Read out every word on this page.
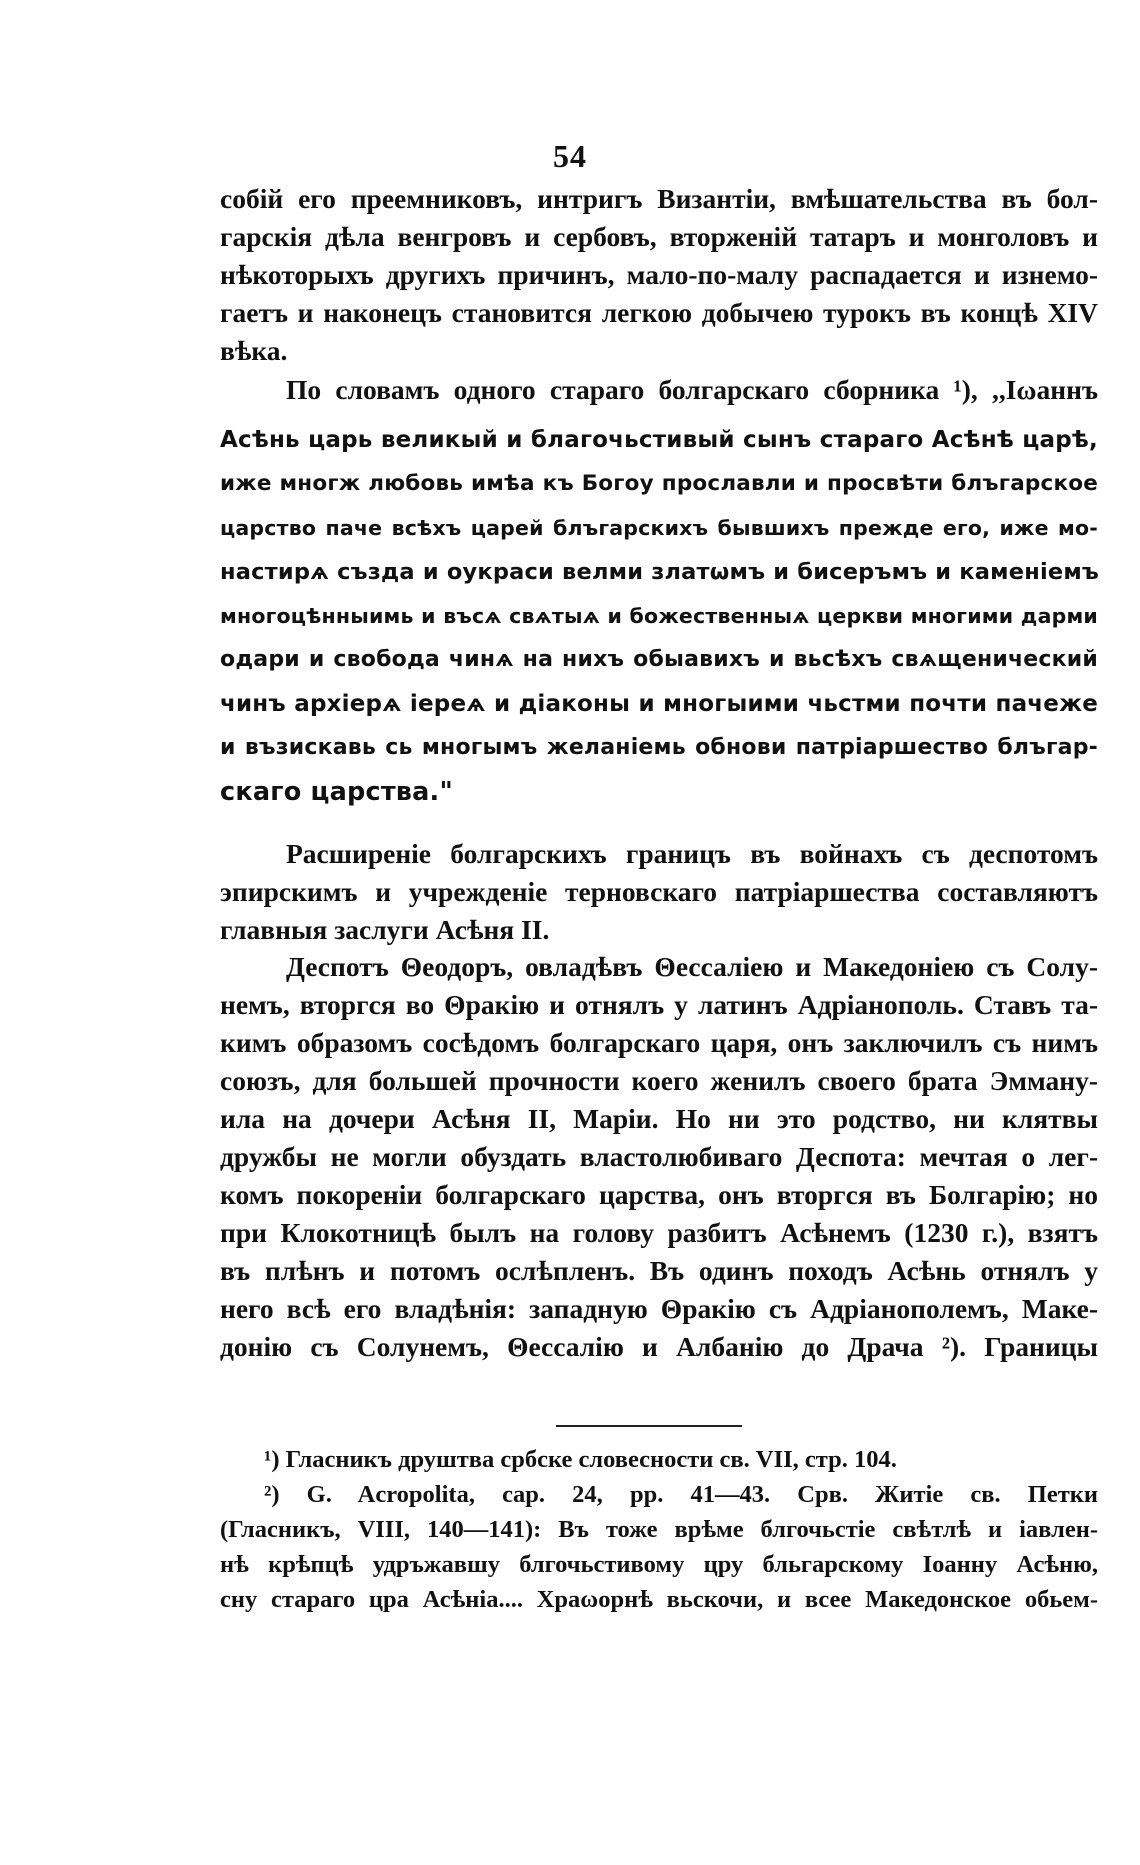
54
собій его преемниковъ, интригъ Византіи, вмѣшательства въ бол-
гарскія дѣла венгровъ и сербовъ, вторженій татаръ и монголовъ и
нѣкоторыхъ другихъ причинъ, мало-по-малу распадается и изнемо-
гаетъ и наконецъ становится легкою добычею турокъ въ концѣ XIV
вѣка.
По словамъ одного стараго болгарскаго сборника ¹), ,,Іωаннъ
Асѣнь царь великый и благочьстивый сынъ стараго Асѣнѣ царѣ,
иже многж любовь имѣа къ Богоу прославли и просвѣти блъгарское
царство паче всѣхъ царей блъгарскихъ бывшихъ прежде его, иже мо-
настирѧ създа и оукраси велми златωмъ и бисеръмъ и каменіемъ
многоцѣнныимь и въсѧ свѧтыѧ и божественныѧ церкви многими дарми
одари и свобода чинѧ на нихъ обыавихъ и вьсѣхъ свѧщенический
чинъ архіерѧ іереѧ и діаконы и многыими чьстми почти пачеже
и възискавь сь многымъ желаніемь обнови патріаршество блъгар-
скаго царства."
Расширеніе болгарскихъ границъ въ войнахъ съ деспотомъ
эпирскимъ и учрежденіе терновскаго патріаршества составляютъ
главныя заслуги Асѣня II.
Деспотъ Θеодоръ, овладѣвъ Θессаліею и Македоніею съ Солу-
немъ, вторгся во Θракію и отнялъ у латинъ Адріанополь. Ставъ та-
кимъ образомъ сосѣдомъ болгарскаго царя, онъ заключилъ съ нимъ
союзъ, для большей прочности коего женилъ своего брата Эмману-
ила на дочери Асѣня II, Маріи. Но ни это родство, ни клятвы
дружбы не могли обуздать властолюбиваго Деспота: мечтая о лег-
комъ покореніи болгарскаго царства, онъ вторгся въ Болгарію; но
при Клокотницѣ былъ на голову разбитъ Асѣнемъ (1230 г.), взятъ
въ плѣнъ и потомъ ослѣпленъ. Въ одинъ походъ Асѣнь отнялъ у
него всѣ его владѣнія: западную Θракію съ Адріанополемъ, Маке-
донію съ Солунемъ, Θессалію и Албанію до Драча ²). Границы
¹) Гласникъ друштва србске словесности св. VII, стр. 104.
²) G. Acropolita, cap. 24, pp. 41—43. Срв. Житіе св. Петки
(Гласникъ, VIII, 140—141): Въ тоже врѣме блгочьстіе свѣтлѣ и іавлен-
нѣ крѣпцѣ удръжавшу блгочьстивому цру бльгарскому Іоанну Асѣню,
сну стараго цра Асѣніа.... Храωорнѣ вьскочи, и всее Македонское обьем-
